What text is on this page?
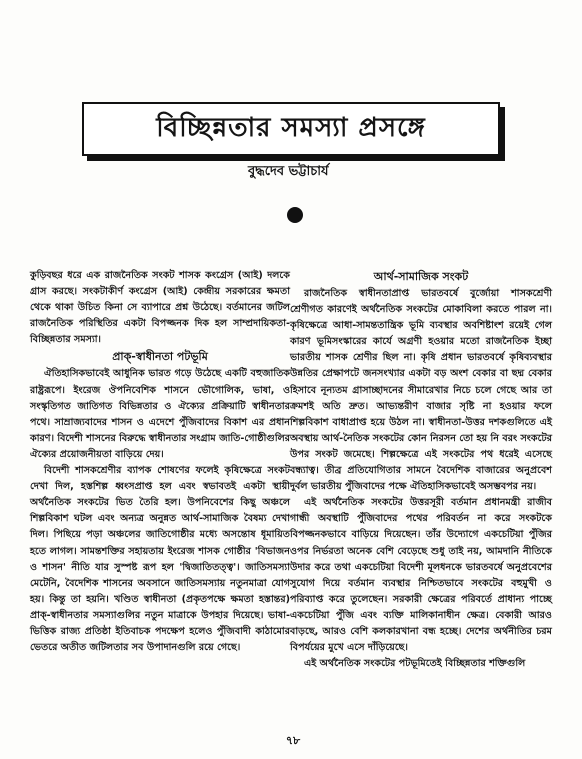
বিচ্ছিন্নতার সমস্যা প্রসঙ্গে
বুদ্ধদেব ভট্টাচার্য

কুড়িবছর ধরে এক রাজনৈতিক সংকট শাসক কংগ্রেস (আই) দলকে গ্রাস করছে। সংকটাকীর্ণ কংগ্রেস (আই) কেন্দ্রীয় সরকারের ক্ষমতা থেকে থাকা উচিত কিনা সে ব্যাপারে প্রশ্ন উঠেছে। বর্তমানের জটিল রাজনৈতিক পরিস্থিতির একটা বিপজ্জনক দিক হল সাম্প্রদায়িকতা-বিচ্ছিন্নতার সমস্যা।

প্রাক্-স্বাধীনতা পটভূমি

ঐতিহাসিকভাবেই আধুনিক ভারত গড়ে উঠেছে একটি বহুজাতিক রাষ্ট্ররূপে। ইংরেজ ঔপনিবেশিক শাসনে ভৌগোলিক, ভাষা, ও সংস্কৃতিগত জাতিগত বিভিন্নতার ও ঐক্যের প্রক্রিয়াটি স্বাধীনতার পথে। সাম্রাজ্যবাদের শাসন ও এদেশে পুঁজিবাদের বিকাশ এর প্রধান কারণ। বিদেশী শাসনের বিরুদ্ধে স্বাধীনতার সংগ্রাম জাতি-গোষ্ঠীগুলির ঐক্যের প্রয়োজনীয়তা বাড়িয়ে দেয়।

বিদেশী শাসকশ্রেণীর ব্যাপক শোষণের ফলেই কৃষিক্ষেত্রে সংকট দেখা দিল, হস্তশিল্প ধ্বংসপ্রাপ্ত হল এবং স্বভাবতই একটা স্থায়ী অর্থনৈতিক সংকটের ভিত তৈরি হল। উপনিবেশের কিছু অঞ্চলে শিল্পবিকাশ ঘটল এবং অন্যত্র অনুন্নত আর্থ-সামাজিক বৈষম্য দেখা দিল। পিছিয়ে পড়া অঞ্চলের জাতিগোষ্ঠীর মধ্যে অসন্তোষ ধূমায়িত হতে লাগল। সামন্তশক্তির সহায়তায় ইংরেজ শাসক গোষ্ঠীর 'বিভাজন ও শাসন' নীতি যার সুস্পষ্ট রূপ হল 'দ্বিজাতিতত্ত্ব'। জাতিসমস্যা মেটেনি, বৈদেশিক শাসনের অবসানে জাতিসমস্যায় নতুনমাত্রা যোগ হয়। কিন্তু তা হয়নি। খণ্ডিত স্বাধীনতা (প্রকৃতপক্ষে ক্ষমতা হস্তান্তর) প্রাক্-স্বাধীনতার সমস্যাগুলির নতুন মাত্রাকে উপহার দিয়েছে। ভাষা-ভিত্তিক রাজ্য প্রতিষ্ঠা ইতিবাচক পদক্ষেপ হলেও পুঁজিবাদী কাঠামোর ভেতরে অতীত জটিলতার সব উপাদানগুলি রয়ে গেছে।

আর্থ-সামাজিক সংকট

রাজনৈতিক স্বাধীনতাপ্রাপ্ত ভারতবর্ষে বুর্জোয়া শাসকশ্রেণী শ্রেণীগত কারণেই অর্থনৈতিক সংকটের মোকাবিলা করতে পারল না। কৃষিক্ষেত্রে আধা-সামন্ততান্ত্রিক ভূমি ব্যবস্থার অবশিষ্টাংশ রয়েই গেল কারণ ভূমিসংস্কারের কার্যে অগ্রণী হওয়ার মতো রাজনৈতিক ইচ্ছা ভারতীয় শাসক শ্রেণীর ছিল না। কৃষি প্রধান ভারতবর্ষে কৃষিব্যবস্থার উন্নতির প্রেক্ষাপটে জনসংখ্যার একটা বড় অংশ বেকার বা ছদ্ম বেকার হিসাবে নূন্যতম গ্রাসাচ্ছাদনের সীমারেখার নিচে চলে গেছে আর তা ক্রমশই অতি দ্রুত। আভ্যন্তরীণ বাজার সৃষ্টি না হওয়ার ফলে শিল্পবিকাশ বাধাপ্রাপ্ত হয়ে উঠল না। স্বাধীনতা-উত্তর দশকগুলিতে এই অবস্থায় আর্থ-নৈতিক সংকটের কোন নিরসন তো হয় নি বরং সংকটের উপর সংকট জমেছে। শিল্পক্ষেত্রে এই সংকটের পথ ধরেই এসেছে বন্ধ্যাত্ব। তীব্র প্রতিযোগিতার সামনে বৈদেশিক বাজারের অনুপ্রবেশ দুর্বল ভারতীয় পুঁজিবাদের পক্ষে ঐতিহাসিকভাবেই অসম্ভবপর নয়।

এই অর্থনৈতিক সংকটের উত্তরসূরী বর্তমান প্রধানমন্ত্রী রাজীব গান্ধী অবস্থাটি পুঁজিবাদের পথের পরিবর্তন না করে সংকটকে বিপজ্জনকভাবে বাড়িয়ে দিয়েছেন। তাঁর উদ্যোগে একচেটিয়া পুঁজির ওপর নির্ভরতা অনেক বেশি বেড়েছে শুধু তাই নয়, আমদানি নীতিকে উদার করে তথা একচেটিয়া বিদেশী মূলধনকে ভারতবর্ষে অনুপ্রবেশের সুযোগ দিয়ে বর্তমান ব্যবস্থার নিশ্চিতভাবে সংকটের বহুমুখী ও পরিব্যাপ্ত করে তুলেছেন। সরকারী ক্ষেত্রের পরিবর্তে প্রাধান্য পাচ্ছে একচেটিয়া পুঁজি এবং ব্যক্তি মালিকানাধীন ক্ষেত্র। বেকারী আরও বাড়ছে, আরও বেশি কলকারখানা বন্ধ হচ্ছে। দেশের অর্থনীতির চরম বিপর্যয়ের মুখে এসে দাঁড়িয়েছে।

এই অর্থনৈতিক সংকটের পটভূমিতেই বিচ্ছিন্নতার শক্তিগুলি

৭৮
